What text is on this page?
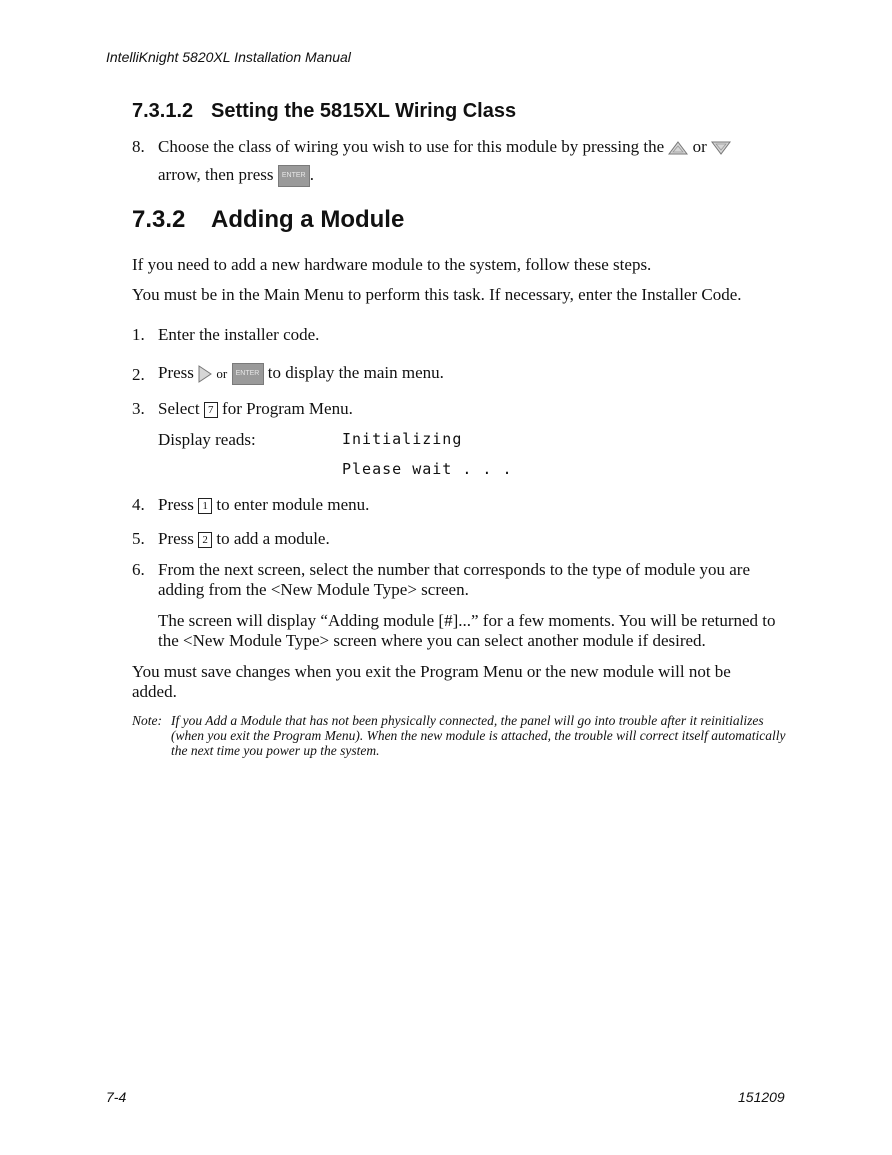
IntelliKnight 5820XL Installation Manual
7.3.1.2 Setting the 5815XL Wiring Class
8. Choose the class of wiring you wish to use for this module by pressing the or
arrow, then press ENTER .
7.3.2 Adding a Module
If you need to add a new hardware module to the system, follow these steps.
You must be in the Main Menu to perform this task. If necessary, enter the Installer Code.
1. Enter the installer code.
2. Press or ENTER to display the main menu.
3. Select 7 for Program Menu.
Display reads:	Initializing
Please wait . . .
4. Press 1 to enter module menu.
5. Press 2 to add a module.
6. From the next screen, select the number that corresponds to the type of module you are
adding from the <New Module Type> screen.
The screen will display “Adding module [#]...” for a few moments. You will be returned to
the <New Module Type> screen where you can select another module if desired.
You must save changes when you exit the Program Menu or the new module will not be
added.
Note: If you Add a Module that has not been physically connected, the panel will go into trouble after it reinitializes (when you exit the Program Menu). When the new module is attached, the trouble will correct itself automatically the next time you power up the system.
7-4	151209
